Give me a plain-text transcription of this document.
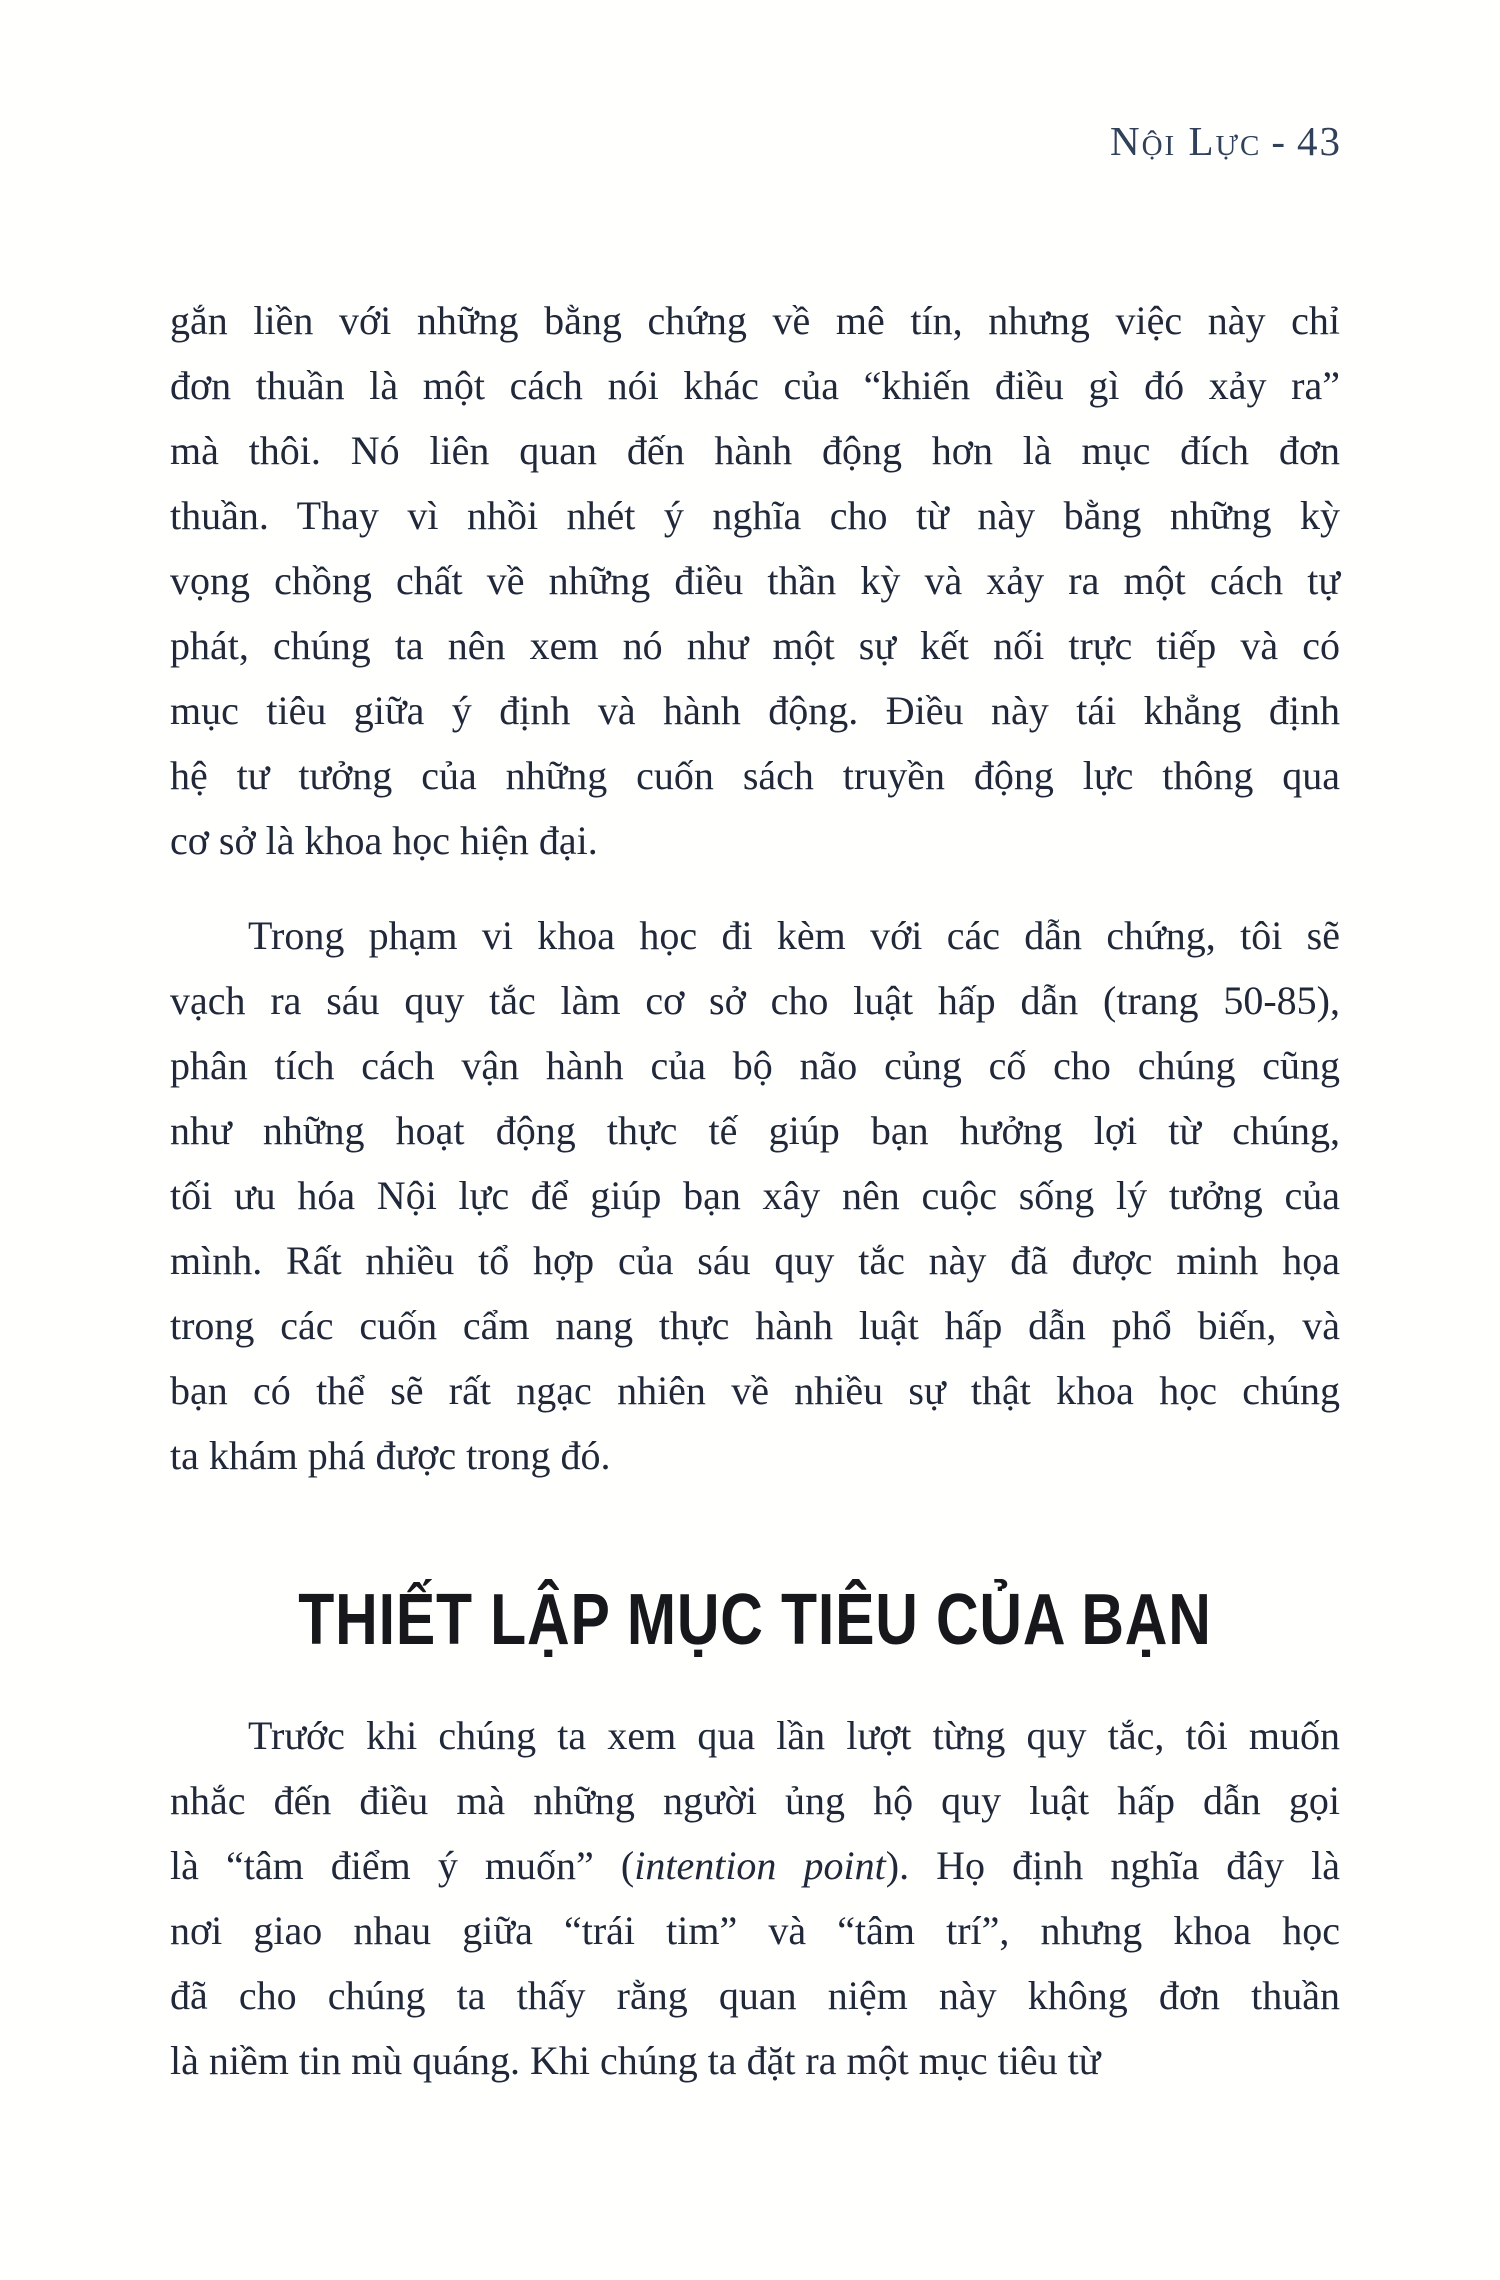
Nội Lực - 43
gắn liền với những bằng chứng về mê tín, nhưng việc này chỉ
đơn thuần là một cách nói khác của “khiến điều gì đó xảy ra”
mà thôi. Nó liên quan đến hành động hơn là mục đích đơn
thuần. Thay vì nhồi nhét ý nghĩa cho từ này bằng những kỳ
vọng chồng chất về những điều thần kỳ và xảy ra một cách tự
phát, chúng ta nên xem nó như một sự kết nối trực tiếp và có
mục tiêu giữa ý định và hành động. Điều này tái khẳng định
hệ tư tưởng của những cuốn sách truyền động lực thông qua
cơ sở là khoa học hiện đại.
Trong phạm vi khoa học đi kèm với các dẫn chứng, tôi sẽ
vạch ra sáu quy tắc làm cơ sở cho luật hấp dẫn (trang 50-85),
phân tích cách vận hành của bộ não củng cố cho chúng cũng
như những hoạt động thực tế giúp bạn hưởng lợi từ chúng,
tối ưu hóa Nội lực để giúp bạn xây nên cuộc sống lý tưởng của
mình. Rất nhiều tổ hợp của sáu quy tắc này đã được minh họa
trong các cuốn cẩm nang thực hành luật hấp dẫn phổ biến, và
bạn có thể sẽ rất ngạc nhiên về nhiều sự thật khoa học chúng
ta khám phá được trong đó.
THIẾT LẬP MỤC TIÊU CỦA BẠN
Trước khi chúng ta xem qua lần lượt từng quy tắc, tôi muốn
nhắc đến điều mà những người ủng hộ quy luật hấp dẫn gọi
là “tâm điểm ý muốn” (intention point). Họ định nghĩa đây là
nơi giao nhau giữa “trái tim” và “tâm trí”, nhưng khoa học
đã cho chúng ta thấy rằng quan niệm này không đơn thuần
là niềm tin mù quáng. Khi chúng ta đặt ra một mục tiêu từ
